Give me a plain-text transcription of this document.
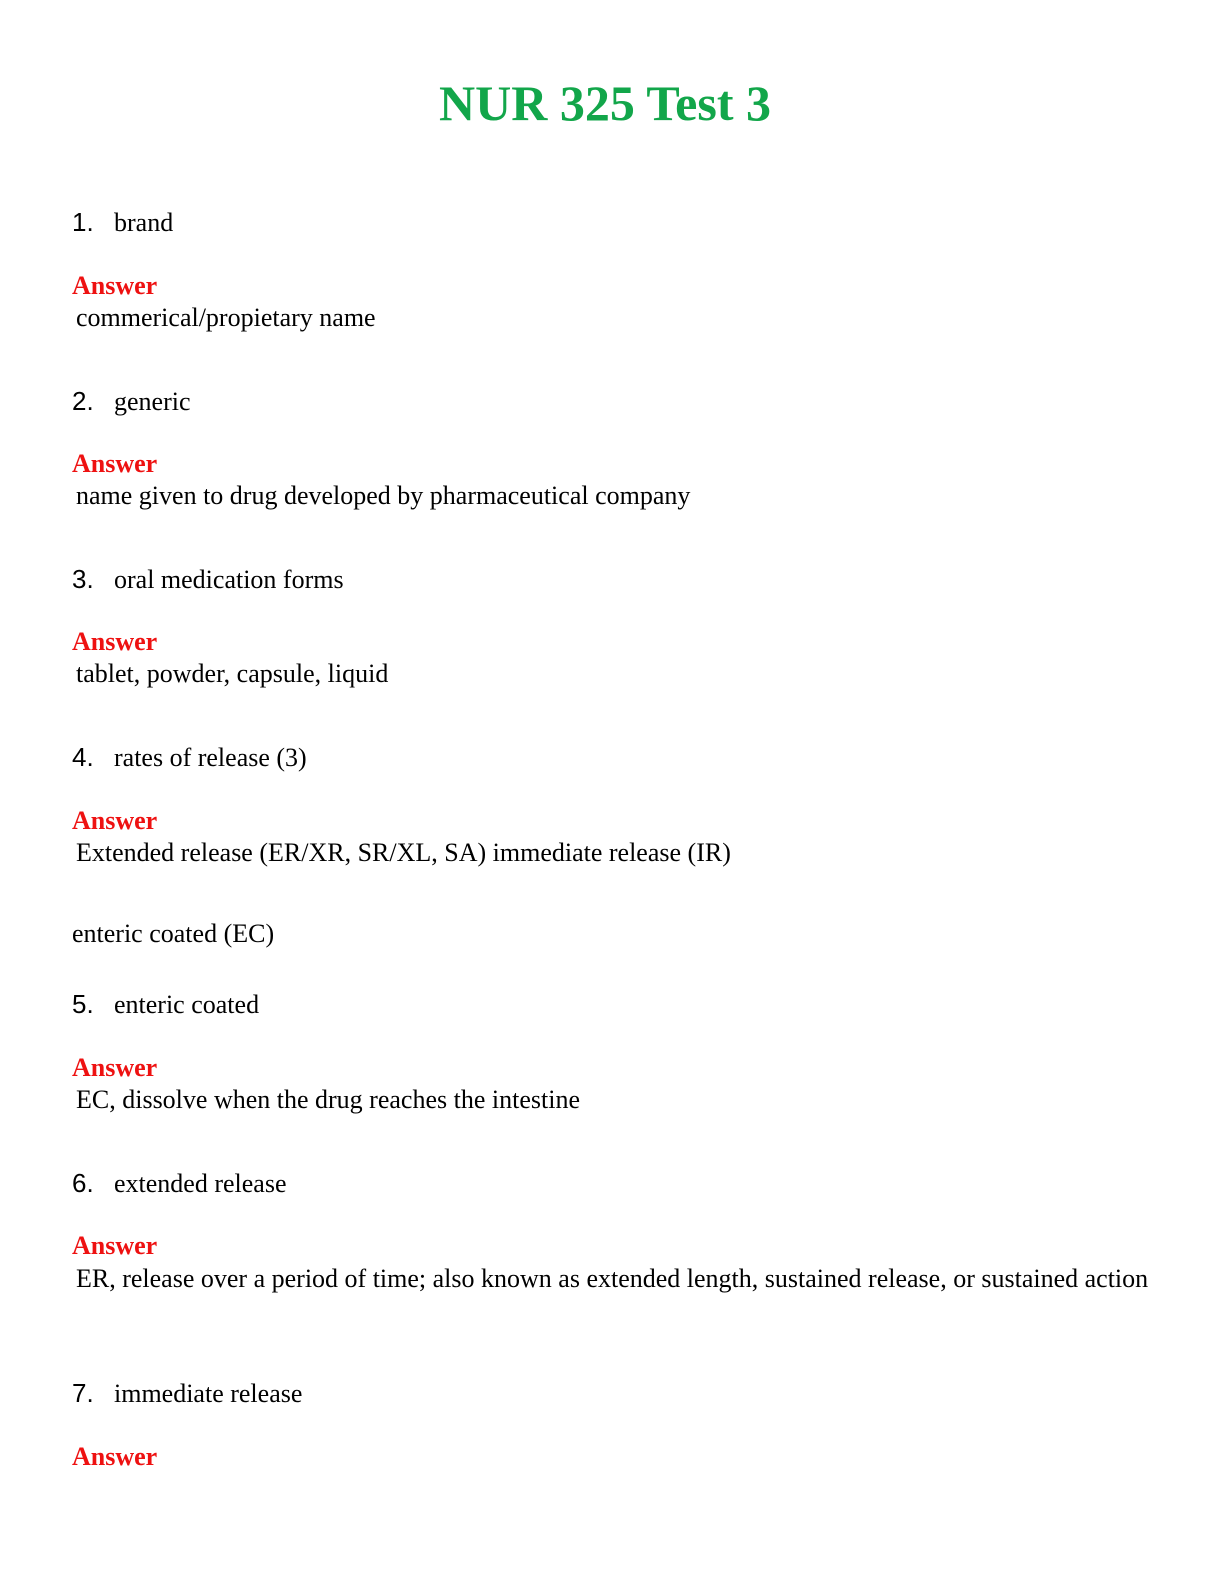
NUR 325 Test 3
1. brand
Answer
commerical/propietary name
2. generic
Answer
name given to drug developed by pharmaceutical company
3. oral medication forms
Answer
tablet, powder, capsule, liquid
4. rates of release (3)
Answer
Extended release (ER/XR, SR/XL, SA) immediate release (IR)
enteric coated (EC)
5. enteric coated
Answer
EC, dissolve when the drug reaches the intestine
6. extended release
Answer
ER, release over a period of time; also known as extended length, sustained release, or sustained action
7. immediate release
Answer
